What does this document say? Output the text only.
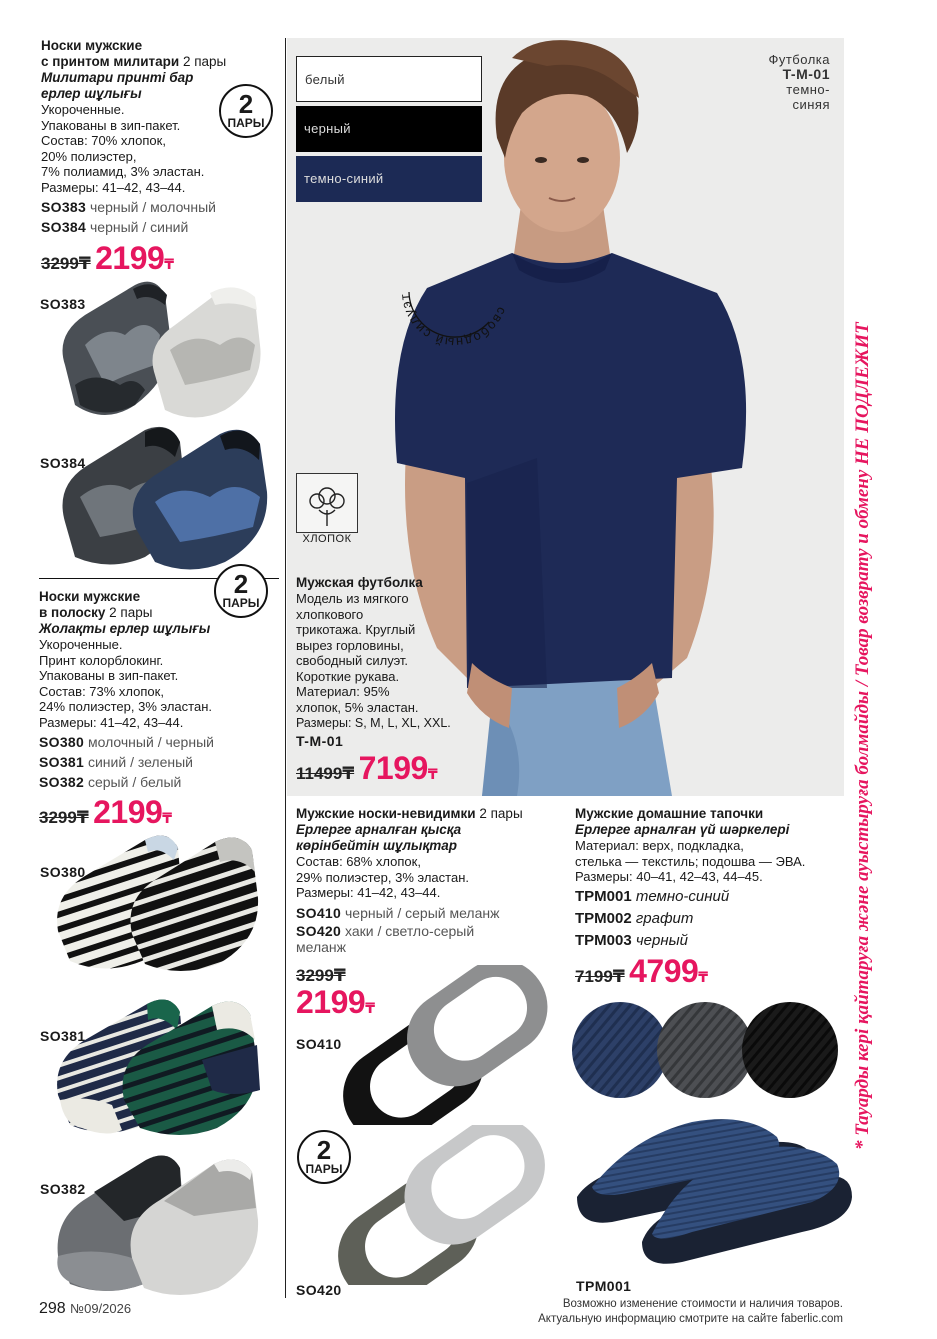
Носки мужские
с принтом милитари 2 пары
Милитари принті бар
ерлер шұлығы
Укороченные.
Упакованы в зип-пакет.
Состав: 70% хлопок,
20% полиэстер,
7% полиамид, 3% эластан.
Размеры: 41–42, 43–44.
SO383 черный / молочный
SO384 черный / синий
3299₸ 2199₸
2
ПАРЫ
SO383
SO384
Носки мужские
в полоску 2 пары
Жолақты ерлер шұлығы
Укороченные.
Принт колорблокинг.
Упакованы в зип-пакет.
Состав: 73% хлопок,
24% полиэстер, 3% эластан.
Размеры: 41–42, 43–44.
SO380 молочный / черный
SO381 синий / зеленый
SO382 серый / белый
3299₸ 2199₸
2
ПАРЫ
SO380
SO381
SO382
белый
черный
темно-синий
Футболка
T-M-01
темно-
синяя
свободный силуэт
ХЛОПОК
Мужская футболка
Модель из мягкого
хлопкового
трикотажа. Круглый
вырез горловины,
свободный силуэт.
Короткие рукава.
Материал: 95%
хлопок, 5% эластан.
Размеры: S, M, L, XL, XXL.
T-M-01
11499₸ 7199₸
Мужские носки-невидимки 2 пары
Ерлерге арналған қысқа
көрінбейтін шұлықтар
Состав: 68% хлопок,
29% полиэстер, 3% эластан.
Размеры: 41–42, 43–44.
SO410 черный / серый меланж
SO420 хаки / светло-серый
меланж
3299₸
2199₸
SO410
2
ПАРЫ
SO420
Мужские домашние тапочки
Ерлерге арналған үй шәркелері
Материал: верх, подкладка,
стелька — текстиль; подошва — ЭВА.
Размеры: 40–41, 42–43, 44–45.
TPM001 темно-синий
TPM002 графит
TPM003 черный
7199₸ 4799₸
TPM001
* Тауарды кері қайтаруға және ауыстыруға болмайды / Товар возврату и обмену НЕ ПОДЛЕЖИТ
298 №09/2026	Возможно изменение стоимости и наличия товаров.
Актуальную информацию смотрите на сайте faberlic.com
